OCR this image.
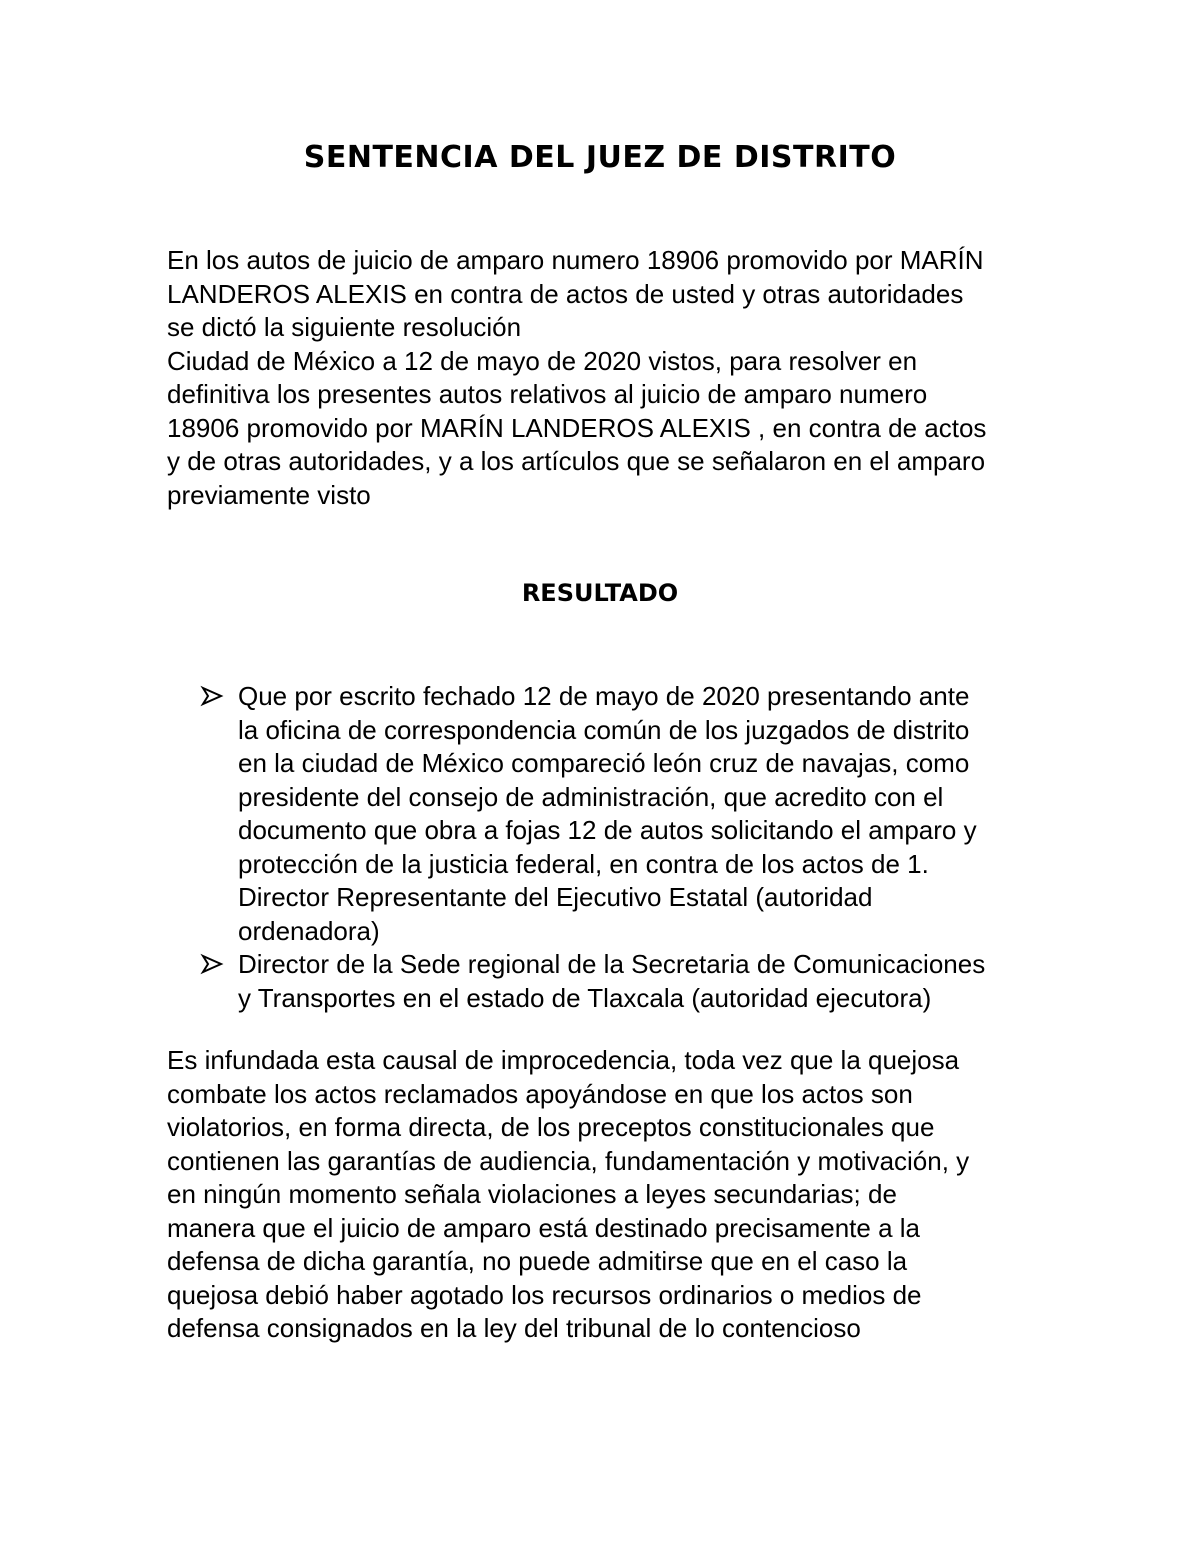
SENTENCIA DEL JUEZ DE DISTRITO

En los autos de juicio de amparo numero 18906 promovido por MARÍN
LANDEROS ALEXIS en contra de actos de usted y otras autoridades
se dictó la siguiente resolución
Ciudad de México a 12 de mayo de 2020 vistos, para resolver en
definitiva los presentes autos relativos al juicio de amparo numero
18906 promovido por MARÍN LANDEROS ALEXIS , en contra de actos
y de otras autoridades, y a los artículos que se señalaron en el amparo
previamente visto

RESULTADO
Que por escrito fechado 12 de mayo de 2020 presentando ante
la oficina de correspondencia común de los juzgados de distrito
en la ciudad de México compareció león cruz de navajas, como
presidente del consejo de administración, que acredito con el
documento que obra a fojas 12 de autos solicitando el amparo y
protección de la justicia federal, en contra de los actos de 1.
Director Representante del Ejecutivo Estatal (autoridad
ordenadora)
Director de la Sede regional de la Secretaria de Comunicaciones
y Transportes en el estado de Tlaxcala (autoridad ejecutora)

Es infundada esta causal de improcedencia, toda vez que la quejosa
combate los actos reclamados apoyándose en que los actos son
violatorios, en forma directa, de los preceptos constitucionales que
contienen las garantías de audiencia, fundamentación y motivación, y
en ningún momento señala violaciones a leyes secundarias; de
manera que el juicio de amparo está destinado precisamente a la
defensa de dicha garantía, no puede admitirse que en el caso la
quejosa debió haber agotado los recursos ordinarios o medios de
defensa consignados en la ley del tribunal de lo contencioso
